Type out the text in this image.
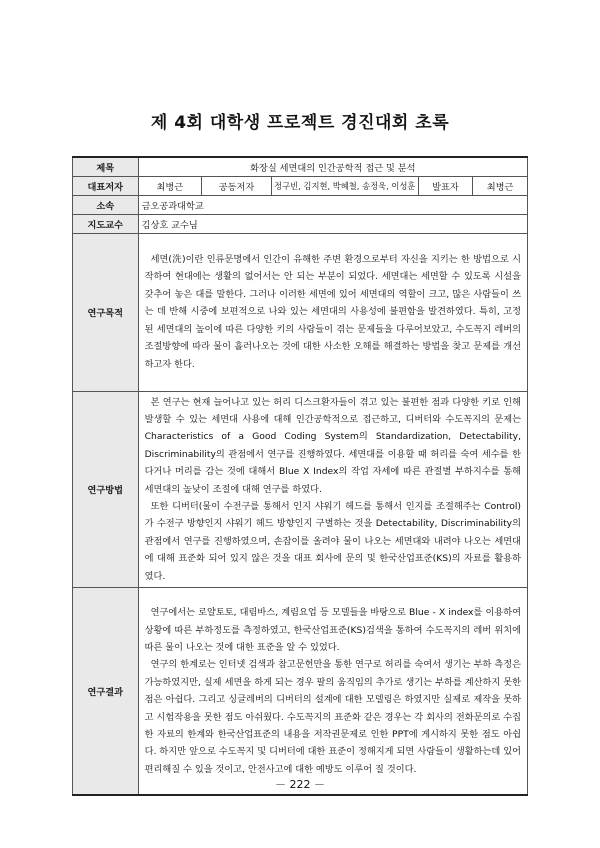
제 4회 대학생 프로젝트 경진대회 초록
제목	화장실 세면대의 인간공학적 접근 및 분석				
대표저자	최병근	공동저자	정구빈, 김지현, 박혜철, 송정욱, 이성훈	발표자	최병근
소속	금오공과대학교				
지도교수	김상호 교수님				
연구목적	세면(洗)이란 인류문명에서 인간이 유해한 주변 환경으로부터 자신을 지키는 한 방법으로 시작하여 현대에는 생활의 없어서는 안 되는 부분이 되었다. 세면대는 세면할 수 있도록 시설을 갖추어 놓은 대를 말한다. 그러나 이러한 세면에 있어 세면대의 역할이 크고, 많은 사람들이 쓰는 데 반해 시중에 보편적으로 나와 있는 세면대의 사용성에 불편함을 발견하였다. 특히, 고정된 세면대의 높이에 따른 다양한 키의 사람들이 겪는 문제들을 다루어보았고, 수도꼭지 레버의 조절방향에 따라 물이 흘러나오는 것에 대한 사소한 오해를 해결하는 방법을 찾고 문제를 개선하고자 한다.				

연구방법	본 연구는 현재 늘어나고 있는 허리 디스크환자들이 겪고 있는 불편한 점과 다양한 키로 인해 발생할 수 있는 세면대 사용에 대해 인간공학적으로 접근하고, 디버터와 수도꼭지의 문제는 Characteristics of a Good Coding System의 Standardization, Detectability, Discriminability의 관점에서 연구를 진행하였다. 세면대를 이용할 때 허리를 숙여 세수를 한다거나 머리를 감는 것에 대해서 Blue X Index의 작업 자세에 따른 관절별 부하지수를 통해 세면대의 높낮이 조절에 대해 연구를 하였다.

또한 디버터(물이 수전구를 통해서 인지 샤워기 헤드를 통해서 인지를 조절해주는 Control)가 수전구 방향인지 샤워기 헤드 방향인지 구별하는 것을 Detectability, Discriminability의 관점에서 연구를 진행하였으며, 손잡이를 올려야 물이 나오는 세면대와 내려야 나오는 세면대에 대해 표준화 되어 있지 않은 것을 대표 회사에 문의 및 한국산업표준(KS)의 자료를 활용하였다.				

연구결과	연구에서는 로얄토토, 대림바스, 계림요업 등 모델들을 바탕으로 Blue - X index를 이용하여 상황에 따른 부하정도를 측정하였고, 한국산업표준(KS)검색을 통하여 수도꼭지의 레버 위치에 따른 물이 나오는 것에 대한 표준을 알 수 있었다.

연구의 한계로는 인터넷 검색과 참고문헌만을 통한 연구로 허리를 숙여서 생기는 부하 측정은 가능하였지만, 실제 세면을 하게 되는 경우 팔의 움직임의 추가로 생기는 부하를 계산하지 못한 점은 아쉽다. 그리고 싱글레버의 디버터의 설계에 대한 모델링은 하였지만 실제로 제작을 못하고 시험작용을 못한 점도 아쉬웠다. 수도꼭지의 표준화 같은 경우는 각 회사의 전화문의로 수집한 자료의 한계와 한국산업표준의 내용을 저작권문제로 인한 PPT에 게시하지 못한 점도 아쉽다. 하지만 앞으로 수도꼭지 및 디버터에 대한 표준이 정해지게 되면 사람들이 생활하는데 있어 편리해질 수 있을 것이고, 안전사고에 대한 예방도 이루어 질 것이다.				

－ 222 －
